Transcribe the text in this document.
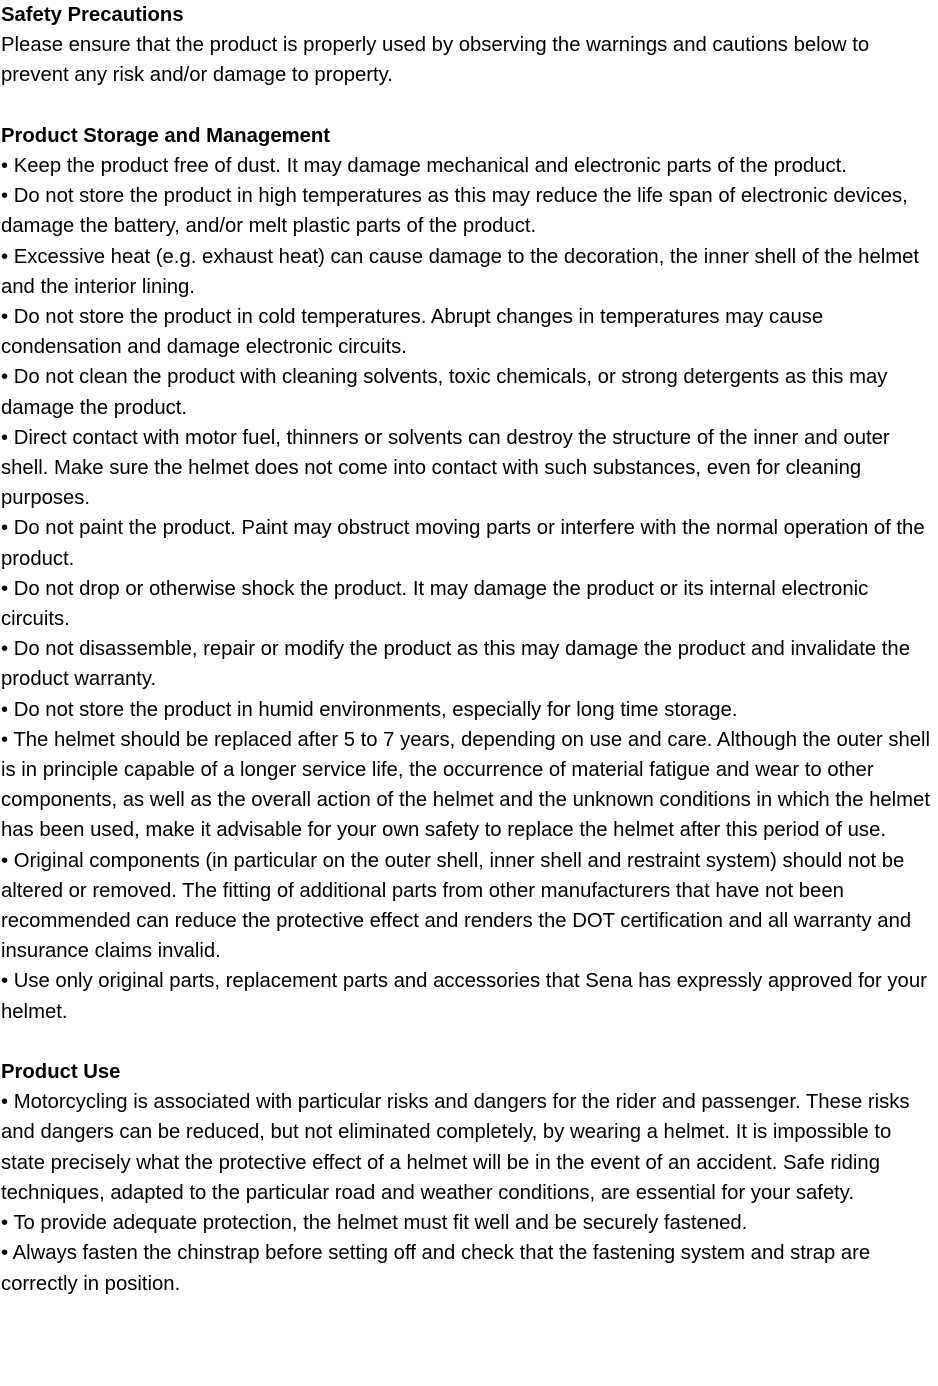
Safety Precautions

Please ensure that the product is properly used by observing the warnings and cautions below to prevent any risk and/or damage to property.

Product Storage and Management

• Keep the product free of dust. It may damage mechanical and electronic parts of the product.

• Do not store the product in high temperatures as this may reduce the life span of electronic devices, damage the battery, and/or melt plastic parts of the product.

• Excessive heat (e.g. exhaust heat) can cause damage to the decoration, the inner shell of the helmet and the interior lining.

• Do not store the product in cold temperatures. Abrupt changes in temperatures may cause condensation and damage electronic circuits.

• Do not clean the product with cleaning solvents, toxic chemicals, or strong detergents as this may damage the product.

• Direct contact with motor fuel, thinners or solvents can destroy the structure of the inner and outer shell. Make sure the helmet does not come into contact with such substances, even for cleaning purposes.

• Do not paint the product. Paint may obstruct moving parts or interfere with the normal operation of the product.

• Do not drop or otherwise shock the product. It may damage the product or its internal electronic circuits.

• Do not disassemble, repair or modify the product as this may damage the product and invalidate the product warranty.

• Do not store the product in humid environments, especially for long time storage.

• The helmet should be replaced after 5 to 7 years, depending on use and care. Although the outer shell is in principle capable of a longer service life, the occurrence of material fatigue and wear to other components, as well as the overall action of the helmet and the unknown conditions in which the helmet has been used, make it advisable for your own safety to replace the helmet after this period of use.

• Original components (in particular on the outer shell, inner shell and restraint system) should not be altered or removed. The fitting of additional parts from other manufacturers that have not been recommended can reduce the protective effect and renders the DOT certification and all warranty and insurance claims invalid.

• Use only original parts, replacement parts and accessories that Sena has expressly approved for your helmet.

Product Use

• Motorcycling is associated with particular risks and dangers for the rider and passenger. These risks and dangers can be reduced, but not eliminated completely, by wearing a helmet. It is impossible to state precisely what the protective effect of a helmet will be in the event of an accident. Safe riding techniques, adapted to the particular road and weather conditions, are essential for your safety.

• To provide adequate protection, the helmet must fit well and be securely fastened.

• Always fasten the chinstrap before setting off and check that the fastening system and strap are correctly in position.
